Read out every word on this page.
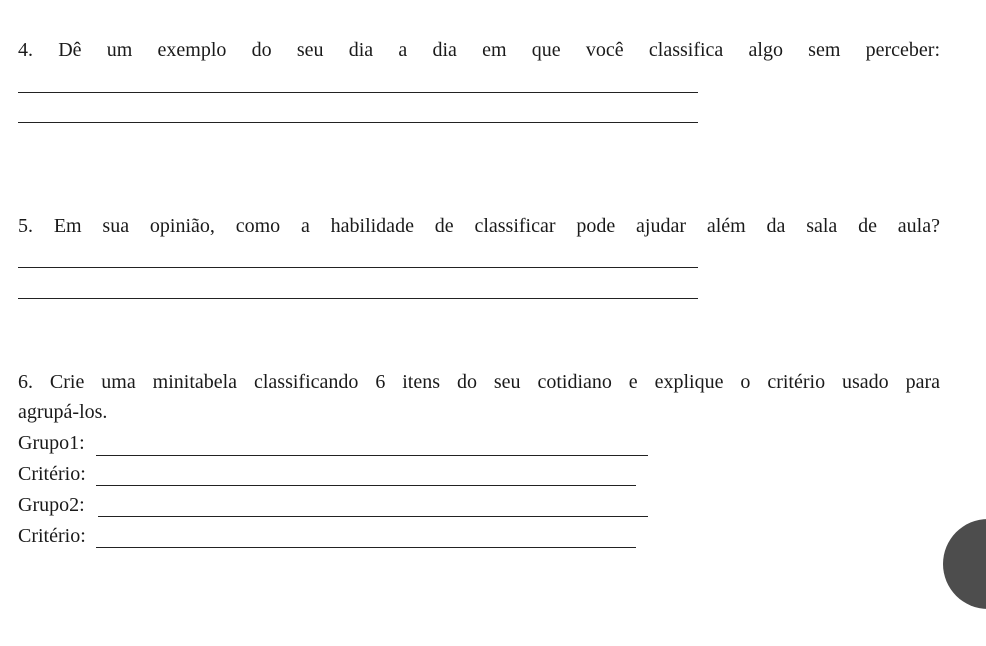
4. Dê um exemplo do seu dia a dia em que você classifica algo sem perceber:

5. Em sua opinião, como a habilidade de classificar pode ajudar além da sala de aula?

6. Crie uma minitabela classificando 6 itens do seu cotidiano e explique o critério usado para
agrupá-los.
Grupo1:
Critério:
Grupo2:
Critério:
